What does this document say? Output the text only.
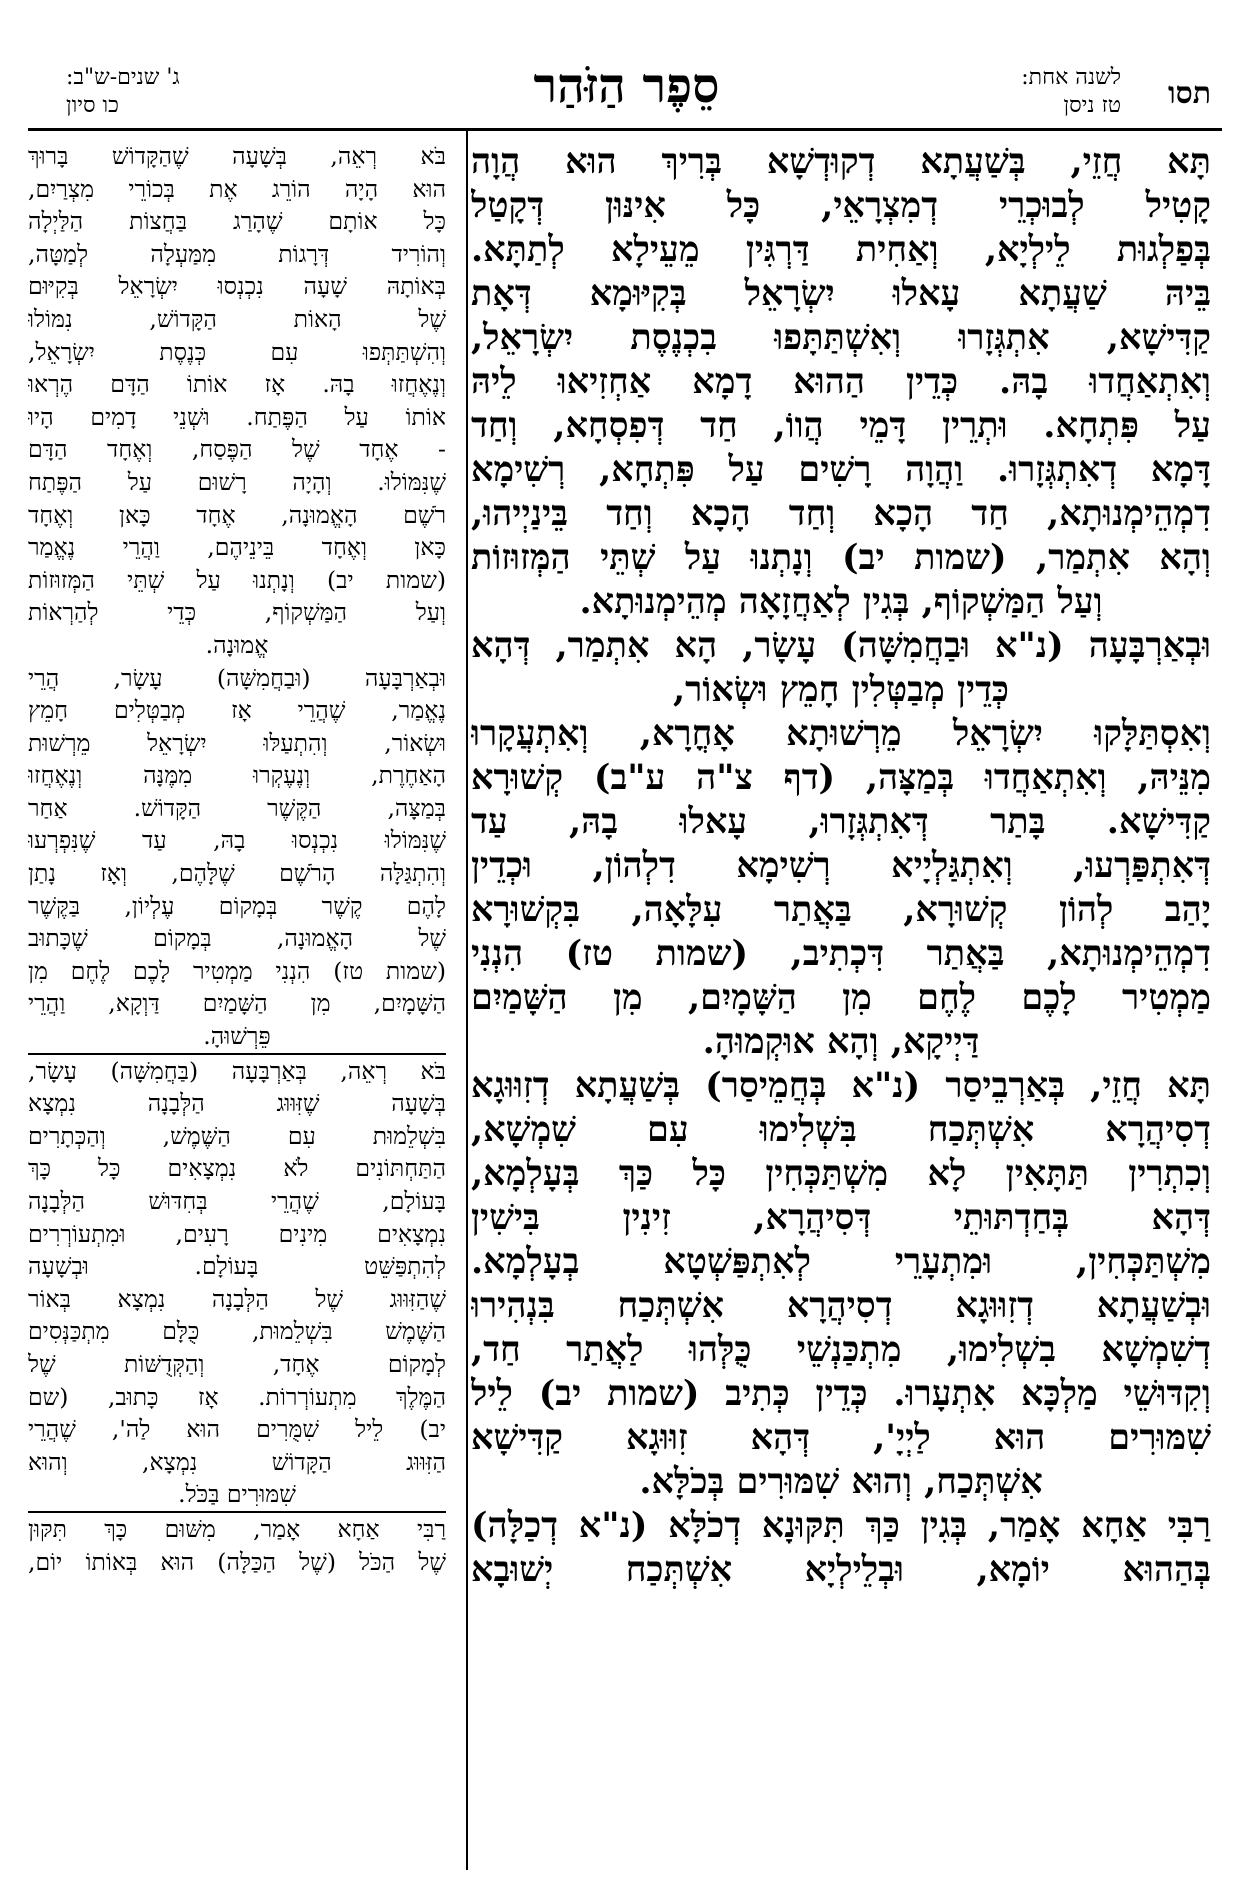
תסו
לשנה אחת:
טז ניסן
סֵפֶר הַזֹּהַר
ג' שנים-ש"ב:
כו סיון
תָּא חֲזֵי, בְּשַׁעֲתָא דְקוּדְשָׁא בְּרִיךְ הוּא הֲוָה
קָטִיל לְבוּכְרֵי דְמִצְרָאֵי, כָּל אִינּוּן דְּקָטַל
בְּפַלְגוּת לֵילְיָא, וְאַחִית דַּרְגִּין מֵעֵילָא לְתַתָּא.
בֵּיהּ שַׁעֲתָא עָאלוּ יִשְׂרָאֵל בְּקִיּוּמָא דְּאָת
קַדִּישָׁא, אִתְגְּזָרוּ וְאִשְׁתַּתָּפוּ בִכְנֶסֶת יִשְׂרָאֵל,
וְאִתְאַחֲדוּ בָהּ. כְּדֵין הַהוּא דָמָא אַחְזִיאוּ לֵיהּ
עַל פִּתְחָא. וּתְרֵין דָּמֵי הֲווֹ, חַד דְּפִסְחָא, וְחַד
דָּמָא דְאִתְגְּזָרוּ. וַהֲוָה רָשִׁים עַל פִּתְחָא, רְשִׁימָא
דִמְהֵימְנוּתָא, חַד הָכָא וְחַד הָכָא וְחַד בֵּינַיְיהוּ,
וְהָא אִתְמַר, (שמות יב) וְנָתְנוּ עַל שְׁתֵּי הַמְּזוּזוֹת
וְעַל הַמַּשְׁקוֹף, בְּגִין לְאַחֲזָאָה מְהֵימְנוּתָא.
וּבְאַרְבָּעָה (נ"א וּבַחֲמִשָּׁה) עָשָׂר, הָא אִתְמַר, דְּהָא
כְּדֵין מְבַטְּלִין חָמֵץ וּשְׂאוֹר,
וְאִסְתַּלָּקוּ יִשְׂרָאֵל מֵרְשׁוּתָא אָחֳרָא, וְאִתְעֲקָרוּ
מִנֵּיהּ, וְאִתְאַחֲדוּ בְּמַצָּה, (דף צ"ה ע"ב) קְשׁוּרָא
קַדִּישָׁא. בָּתַר דְּאִתְגְּזָרוּ, עָאלוּ בָהּ, עַד
דְּאִתְפַּרְעוּ, וְאִתְגַּלְיָיא רְשִׁימָא דִלְהוֹן, וּכְדֵין
יָהַב לְהוֹן קְשׁוּרָא, בַּאֲתַר עִלָּאָה, בִּקְשׁוּרָא
דִמְהֵימְנוּתָא, בַּאֲתַר דִּכְתִיב, (שמות טז) הִנְנִי
מַמְטִיר לָכֶם לֶחֶם מִן הַשָּׁמָיִם, מִן הַשָּׁמַיִם
דַּיְיקָא, וְהָא אוּקְמוּהָ.
תָּא חֲזֵי, בְּאַרְבֵיסַר (נ"א בְּחֲמֵיסַר) בְּשַׁעֲתָא דְזִוּוּגָא
דְסִיהֲרָא אִשְׁתְּכַח בִּשְׁלִימוּ עִם שִׁמְשָׁא,
וְכִתְרִין תַּתָּאִין לָא מִשְׁתַּכְּחִין כָּל כַּךְ בְּעָלְמָא,
דְּהָא בְּחַדְתּוּתֵי דְּסִיהֲרָא, זִינִין בִּישִׁין
מִשְׁתַּכְּחִין, וּמִתְעָרֵי לְאִתְפַּשְׁטָא בְעָלְמָא.
וּבְשַׁעֲתָא דְזִוּוּגָא דְסִיהֲרָא אִשְׁתְּכַח בִּנְהִירוּ
דְשִׁמְשָׁא בִשְׁלִימוּ, מִתְכַּנְשֵׁי כֻּלְּהוּ לַאֲתַר חַד,
וְקִדּוּשֵׁי מַלְכָּא אִתְעָרוּ. כְּדֵין כְּתִיב (שמות יב) לֵיל
שִׁמּוּרִים הוּא לַיְיָ', דְּהָא זִוּוּגָא קַדִּישָׁא
אִשְׁתְּכַח, וְהוּא שִׁמּוּרִים בְּכֹלָּא.
רַבִּי אַחָא אָמַר, בְּגִין כַּךְ תִּקּוּנָא דְכֹלָּא (נ"א דְכַלָּה)
בְּהַהוּא יוֹמָא, וּבְלֵילְיָא אִשְׁתְּכַח יְשׁוּבָא
בֹּא רְאֵה, בְּשָׁעָה שֶׁהַקָּדוֹשׁ בָּרוּךְ
הוּא הָיָה הוֹרֵג אֶת בְּכוֹרֵי מִצְרַיִם,
כָּל אוֹתָם שֶׁהָרַג בַּחֲצוֹת הַלַּיְלָה
וְהוֹרִיד דְּרָגוֹת מִמַּעְלָה לְמַטָּה,
בְּאוֹתָהּ שָׁעָה נִכְנְסוּ יִשְׂרָאֵל בְּקִיּוּם
שֶׁל הָאוֹת הַקָּדוֹשׁ, נִמּוֹלוּ
וְהִשְׁתַּתְּפוּ עִם כְּנֶסֶת יִשְׂרָאֵל,
וְנֶאֶחֲזוּ בָהּ. אָז אוֹתוֹ הַדָּם הֶרְאוּ
אוֹתוֹ עַל הַפֶּתַח. וּשְׁנֵי דָמִים הָיוּ
- אֶחָד שֶׁל הַפֶּסַח, וְאֶחָד הַדָּם
שֶׁנִּמּוֹלוּ. וְהָיָה רָשׁוּם עַל הַפֶּתַח
רֹשֶׁם הָאֱמוּנָה, אֶחָד כָּאן וְאֶחָד
כָּאן וְאֶחָד בֵּינֵיהֶם, וַהֲרֵי נֶאֱמַר
(שמות יב) וְנָתְנוּ עַל שְׁתֵּי הַמְּזוּזוֹת
וְעַל הַמַּשְׁקוֹף, כְּדֵי לְהַרְאוֹת
אֱמוּנָה.
וּבְאַרְבָּעָה (וּבַחֲמִשָּׁה) עָשָׂר, הֲרֵי
נֶאֱמַר, שֶׁהֲרֵי אָז מְבַטְּלִים חָמֵץ
וּשְׂאוֹר, וְהִתְעַלּוּ יִשְׂרָאֵל מֵרְשׁוּת
הָאַחֶרֶת, וְנֶעֶקְרוּ מִמֶּנָּה וְנֶאֶחֲזוּ
בְּמַצָּה, הַקֶּשֶׁר הַקָּדוֹשׁ. אַחַר
שֶׁנִּמּוֹלוּ נִכְנְסוּ בָהּ, עַד שֶׁנִּפְרְעוּ
וְהִתְגַּלָּה הָרֹשֶׁם שֶׁלָּהֶם, וְאָז נָתַן
לָהֶם קֶשֶׁר בְּמָקוֹם עֶלְיוֹן, בַּקֶּשֶׁר
שֶׁל הָאֱמוּנָה, בְּמָקוֹם שֶׁכָּתוּב
(שמות טז) הִנְנִי מַמְטִיר לָכֶם לֶחֶם מִן
הַשָּׁמָיִם, מִן הַשָּׁמַיִם דַּוְקָא, וַהֲרֵי
פֵּרְשׁוּהָ.
בֹּא רְאֵה, בְּאַרְבָּעָה (בַּחֲמִשָּׁה) עָשָׂר,
בְּשָׁעָה שֶׁזִּוּוּג הַלְּבָנָה נִמְצָא
בִּשְׁלֵמוּת עִם הַשֶּׁמֶשׁ, וְהַכְּתָרִים
הַתַּחְתּוֹנִים לֹא נִמְצָאִים כָּל כָּךְ
בָּעוֹלָם, שֶׁהֲרֵי בְּחִדּוּשׁ הַלְּבָנָה
נִמְצָאִים מִינִים רָעִים, וּמִתְעוֹרְרִים
לְהִתְפַּשֵּׁט בָּעוֹלָם. וּבְשָׁעָה
שֶׁהַזִּוּוּג שֶׁל הַלְּבָנָה נִמְצָא בְּאוֹר
הַשֶּׁמֶשׁ בִּשְׁלֵמוּת, כֻּלָּם מִתְכַּנְּסִים
לְמָקוֹם אֶחָד, וְהַקְּדֻשּׁוֹת שֶׁל
הַמֶּלֶךְ מִתְעוֹרְרוֹת. אָז כָּתוּב, (שם
יב) לֵיל שִׁמֻּרִים הוּא לַה', שֶׁהֲרֵי
הַזִּוּוּג הַקָּדוֹשׁ נִמְצָא, וְהוּא
שִׁמּוּרִים בַּכֹּל.
רַבִּי אַחָא אָמַר, מִשּׁוּם כָּךְ תִּקּוּן
שֶׁל הַכֹּל (שֶׁל הַכַּלָּה) הוּא בְּאוֹתוֹ יוֹם,
